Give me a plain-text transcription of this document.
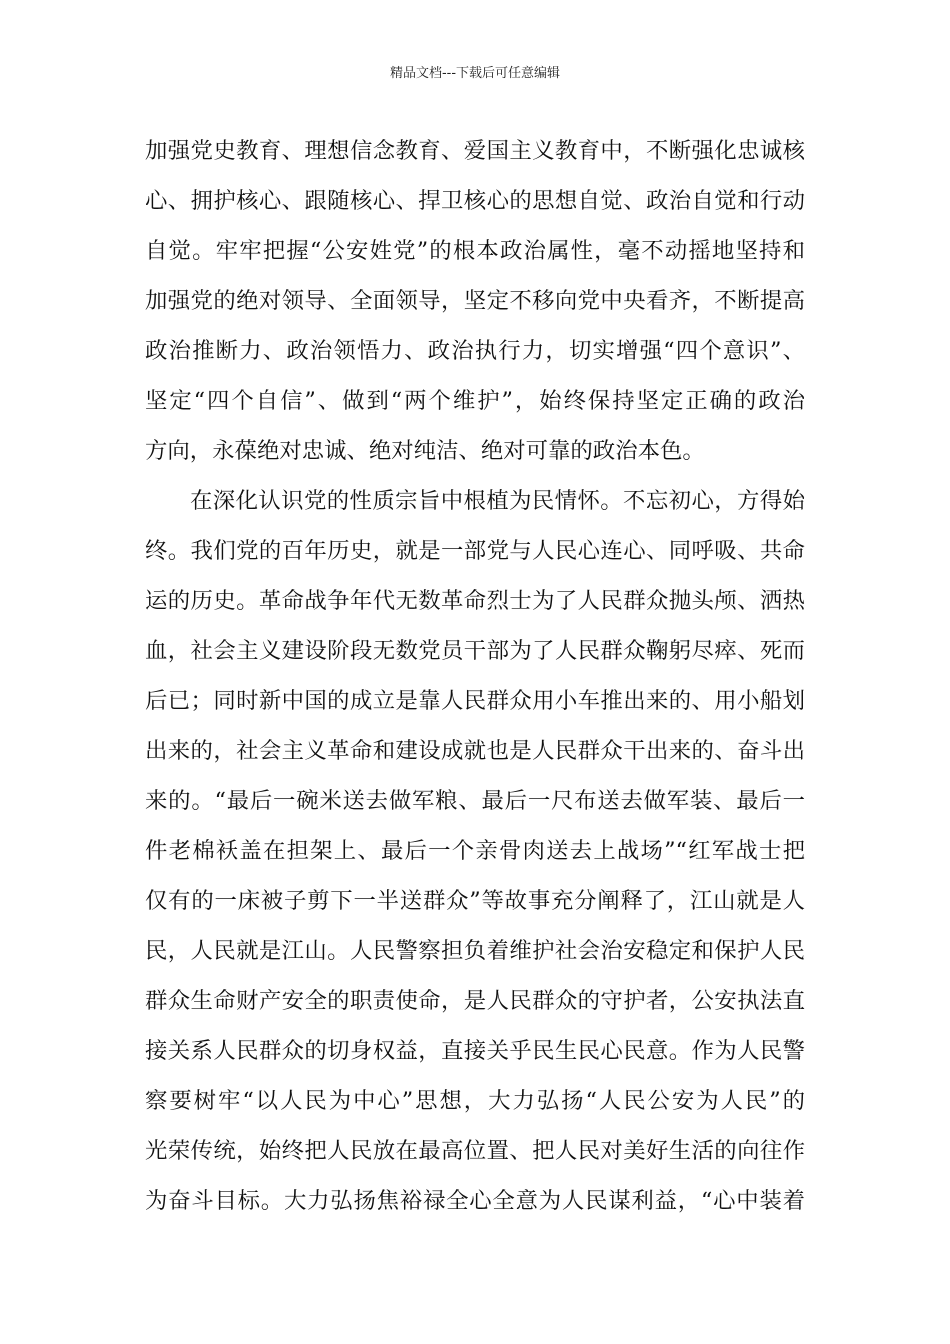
精品文档---下载后可任意编辑
加强党史教育、理想信念教育、爱国主义教育中，不断强化忠诚核
心、拥护核心、跟随核心、捍卫核心的思想自觉、政治自觉和行动
自觉。牢牢把握“公安姓党”的根本政治属性，毫不动摇地坚持和
加强党的绝对领导、全面领导，坚定不移向党中央看齐，不断提高
政治推断力、政治领悟力、政治执行力，切实增强“四个意识”、
坚定“四个自信”、做到“两个维护”，始终保持坚定正确的政治
方向，永葆绝对忠诚、绝对纯洁、绝对可靠的政治本色。
在深化认识党的性质宗旨中根植为民情怀。不忘初心，方得始
终。我们党的百年历史，就是一部党与人民心连心、同呼吸、共命
运的历史。革命战争年代无数革命烈士为了人民群众抛头颅、洒热
血，社会主义建设阶段无数党员干部为了人民群众鞠躬尽瘁、死而
后已；同时新中国的成立是靠人民群众用小车推出来的、用小船划
出来的，社会主义革命和建设成就也是人民群众干出来的、奋斗出
来的。“最后一碗米送去做军粮、最后一尺布送去做军装、最后一
件老棉袄盖在担架上、最后一个亲骨肉送去上战场”“红军战士把
仅有的一床被子剪下一半送群众”等故事充分阐释了，江山就是人
民，人民就是江山。人民警察担负着维护社会治安稳定和保护人民
群众生命财产安全的职责使命，是人民群众的守护者，公安执法直
接关系人民群众的切身权益，直接关乎民生民心民意。作为人民警
察要树牢“以人民为中心”思想，大力弘扬“人民公安为人民”的
光荣传统，始终把人民放在最高位置、把人民对美好生活的向往作
为奋斗目标。大力弘扬焦裕禄全心全意为人民谋利益，“心中装着
